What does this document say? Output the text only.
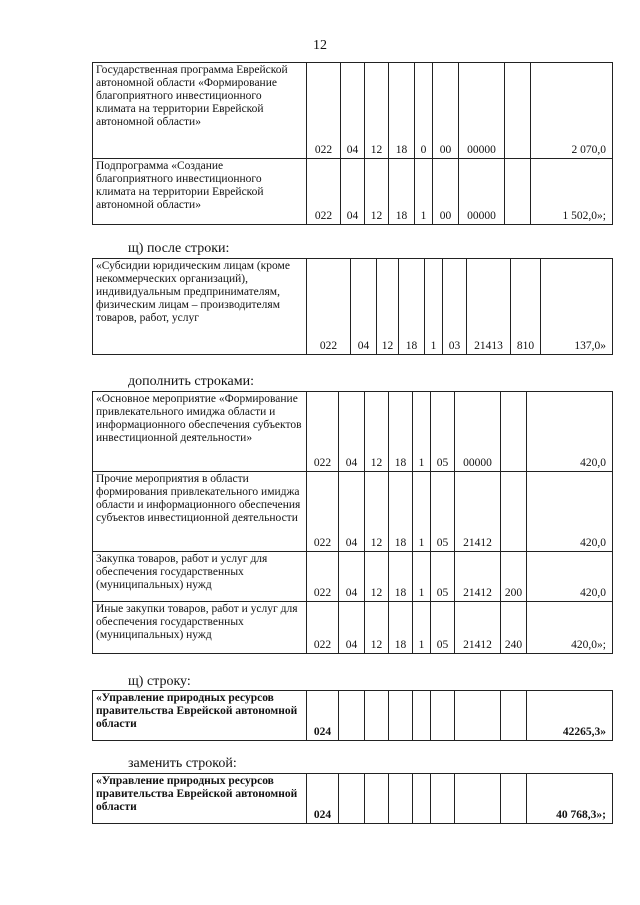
12
Государственная программа Еврейской автономной области «Формирование благоприятного инвестиционного климата на территории Еврейской автономной области»	022	04	12	18	0	00	00000		2 070,0
Подпрограмма «Создание благоприятного инвестиционного климата на территории Еврейской автономной области»	022	04	12	18	1	00	00000		1 502,0»;
щ) после строки:
«Субсидии юридическим лицам (кроме некоммерческих организаций), индивидуальным предпринимателям, физическим лицам – производителям товаров, работ, услуг	022	04	12	18	1	03	21413	810	137,0»
дополнить строками:
«Основное мероприятие «Формирование привлекательного имиджа области и информационного обеспечения субъектов инвестиционной деятельности»	022	04	12	18	1	05	00000		420,0
Прочие мероприятия в области формирования привлекательного имиджа области и информационного обеспечения субъектов инвестиционной деятельности	022	04	12	18	1	05	21412		420,0
Закупка товаров, работ и услуг для обеспечения государственных (муниципальных) нужд	022	04	12	18	1	05	21412	200	420,0
Иные закупки товаров, работ и услуг для обеспечения государственных (муниципальных) нужд	022	04	12	18	1	05	21412	240	420,0»;
щ) строку:
«Управление природных ресурсов правительства Еврейской автономной области	024								42265,3»
заменить строкой:
«Управление природных ресурсов правительства Еврейской автономной области	024								40 768,3»;
